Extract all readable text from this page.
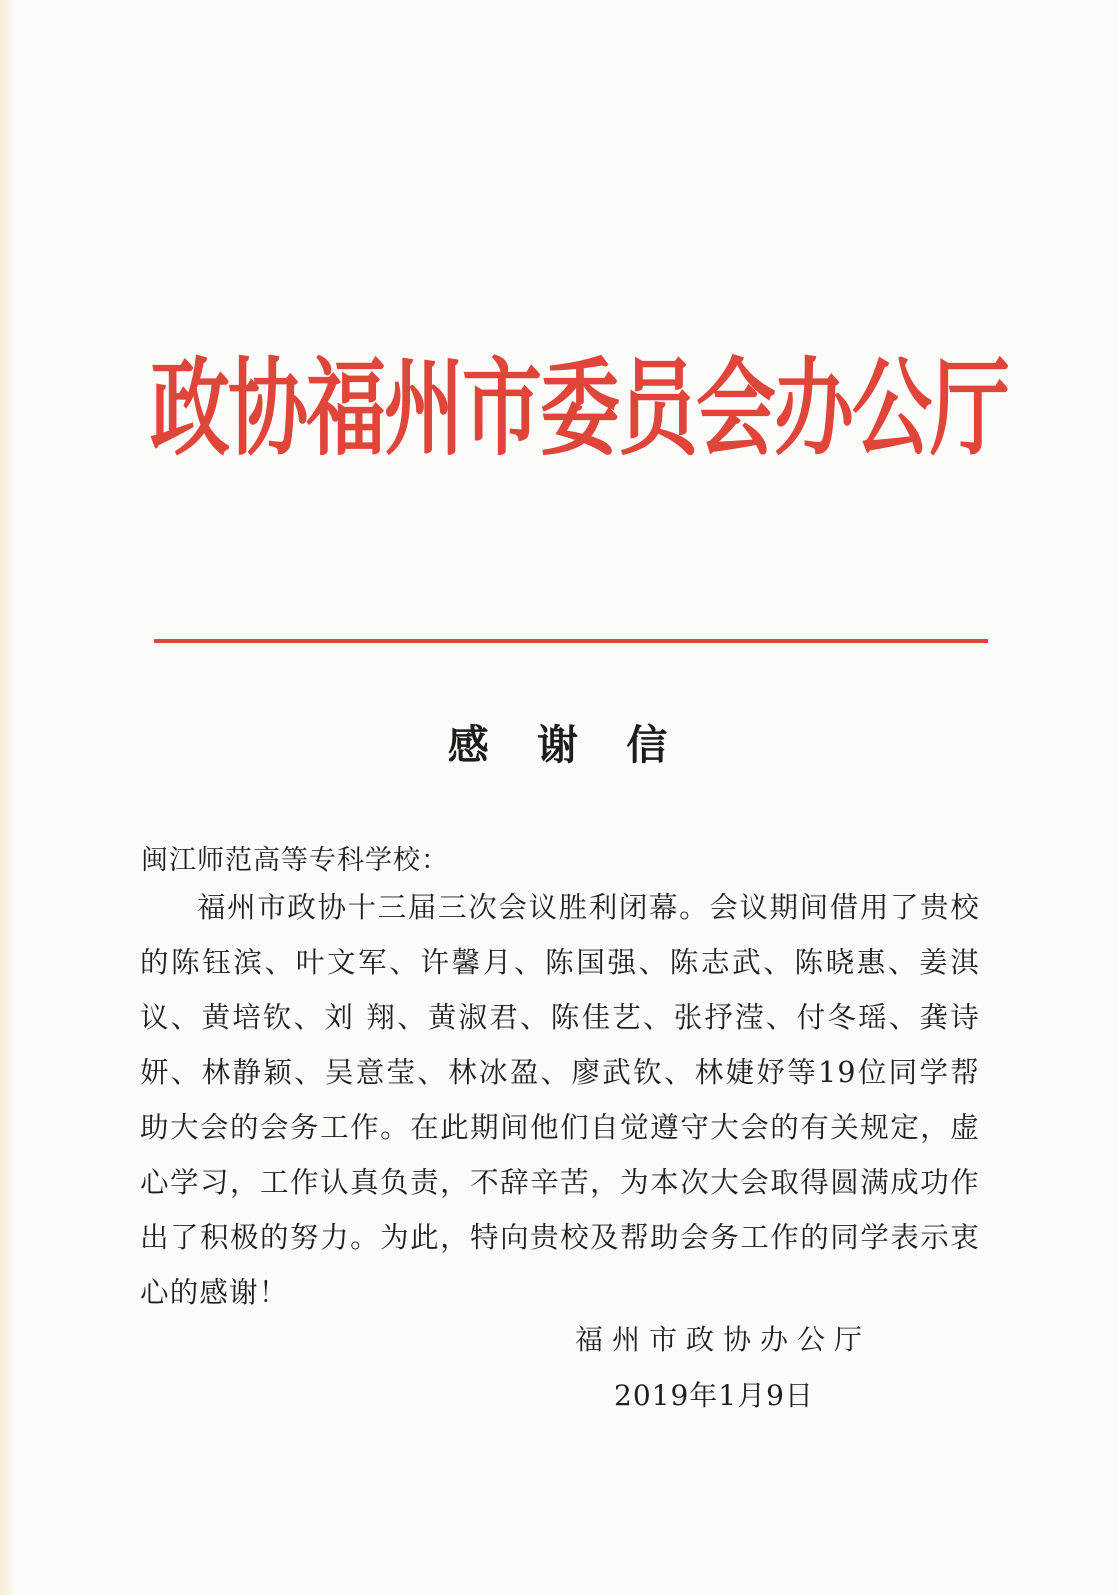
政协福州市委员会办公厅
感 谢 信
闽江师范高等专科学校：
福州市政协十三届三次会议胜利闭幕。会议期间借用了贵校的陈钰滨、叶文军、许馨月、陈国强、陈志武、陈晓惠、姜淇议、黄培钦、刘 翔、黄淑君、陈佳艺、张抒滢、付冬瑶、龚诗妍、林静颖、吴意莹、林冰盈、廖武钦、林婕妤等19位同学帮助大会的会务工作。在此期间他们自觉遵守大会的有关规定，虚心学习，工作认真负责，不辞辛苦，为本次大会取得圆满成功作出了积极的努力。为此，特向贵校及帮助会务工作的同学表示衷心的感谢！
福州市政协办公厅
2019年1月9日
